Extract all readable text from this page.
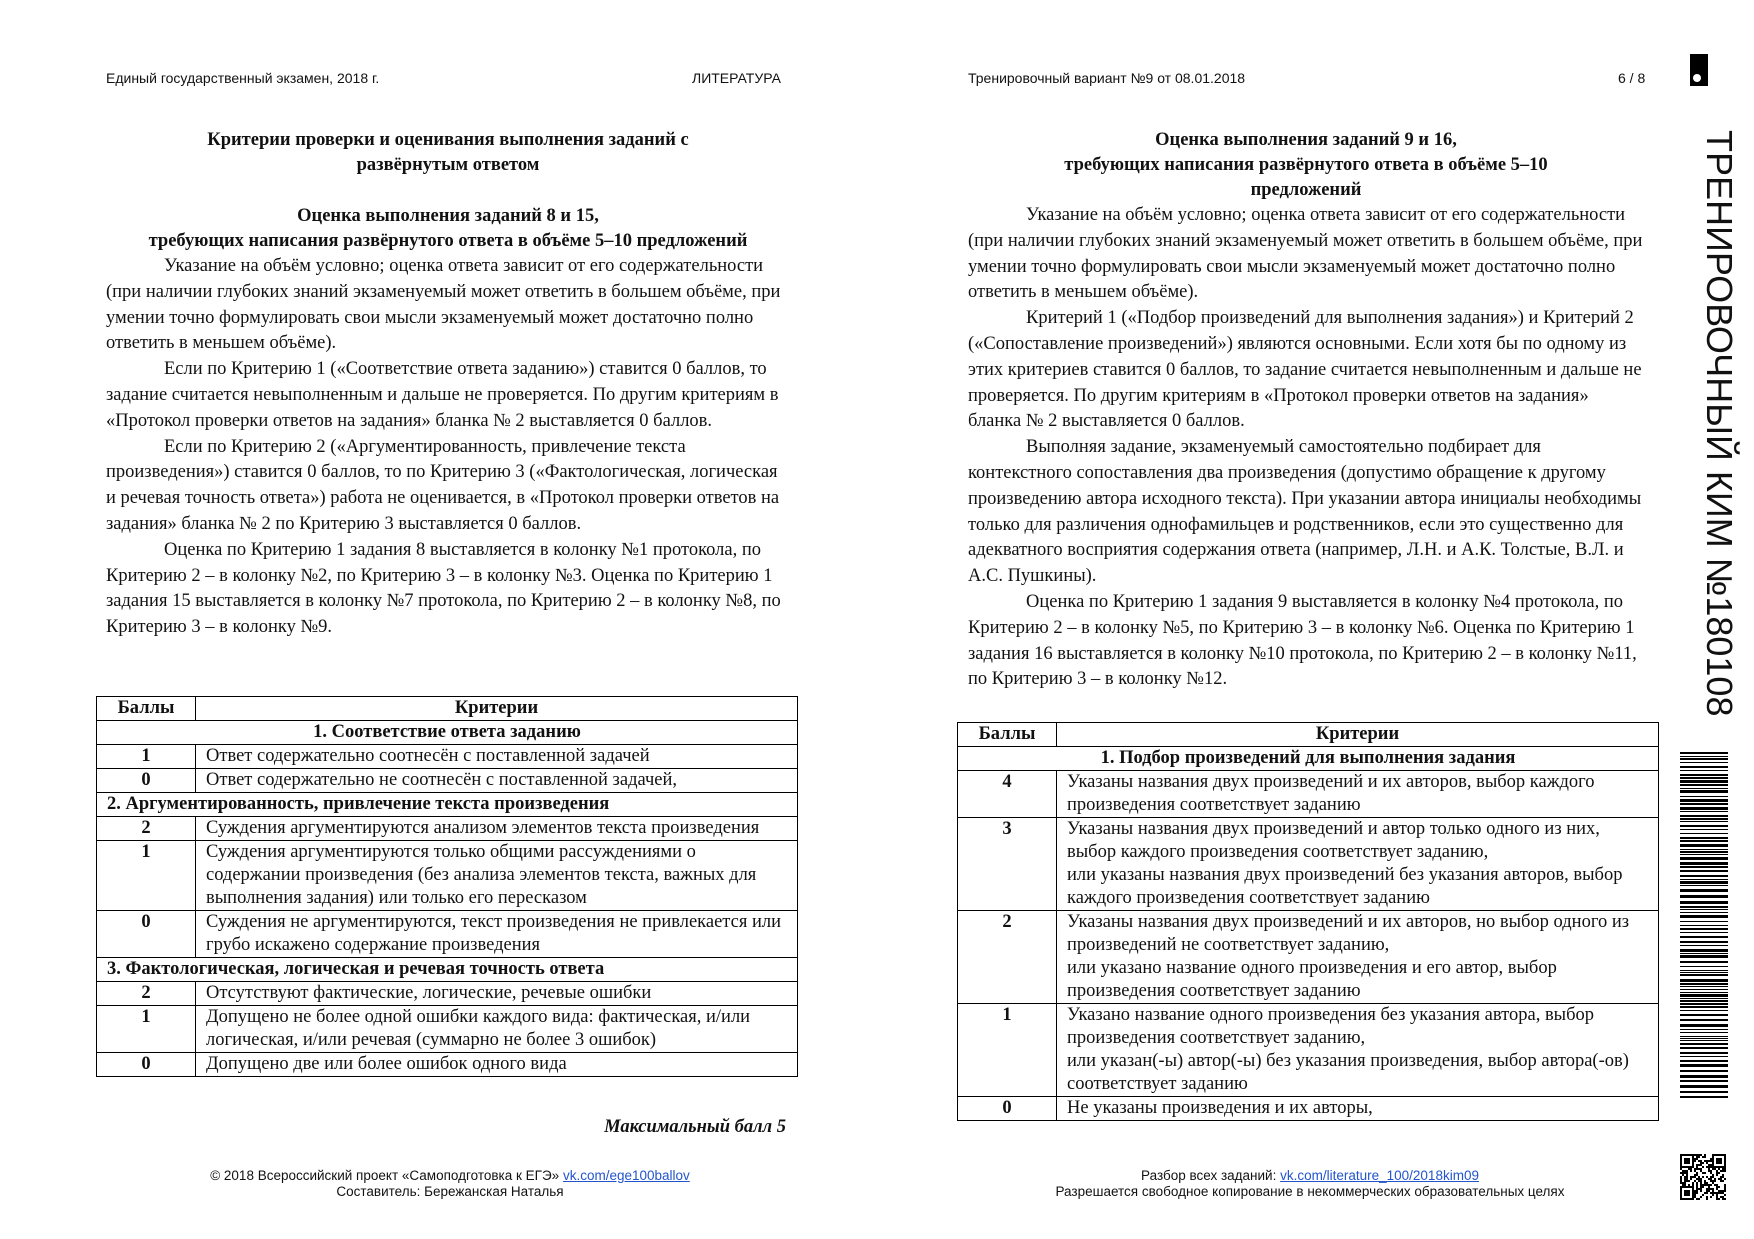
Единый государственный экзамен, 2018 г.	ЛИТЕРАТУРА	Тренировочный вариант №9 от 08.01.2018	6 / 8
Критерии проверки и оценивания выполнения заданий с
развёрнутым ответом
Оценка выполнения заданий 8 и 15,
требующих написания развёрнутого ответа в объёме 5–10 предложений

Указание на объём условно; оценка ответа зависит от его содержательности (при наличии глубоких знаний экзаменуемый может ответить в большем объёме, при умении точно формулировать свои мысли экзаменуемый может достаточно полно ответить в меньшем объёме).

Если по Критерию 1 («Соответствие ответа заданию») ставится 0 баллов, то задание считается невыполненным и дальше не проверяется. По другим критериям в «Протокол проверки ответов на задания» бланка № 2 выставляется 0 баллов.

Если по Критерию 2 («Аргументированность, привлечение текста произведения») ставится 0 баллов, то по Критерию 3 («Фактологическая, логическая и речевая точность ответа») работа не оценивается, в «Протокол проверки ответов на задания» бланка № 2 по Критерию 3 выставляется 0 баллов.

Оценка по Критерию 1 задания 8 выставляется в колонку №1 протокола, по Критерию 2 – в колонку №2, по Критерию 3 – в колонку №3. Оценка по Критерию 1 задания 15 выставляется в колонку №7 протокола, по Критерию 2 – в колонку №8, по Критерию 3 – в колонку №9.

Баллы	Критерии
1. Соответствие ответа заданию	
1	Ответ содержательно соотнесён с поставленной задачей
0	Ответ содержательно не соотнесён с поставленной задачей,
2. Аргументированность, привлечение текста произведения	
2	Суждения аргументируются анализом элементов текста произведения
1	Суждения аргументируются только общими рассуждениями о содержании произведения (без анализа элементов текста, важных для выполнения задания) или только его пересказом
0	Суждения не аргументируются, текст произведения не привлекается или грубо искажено содержание произведения
3. Фактологическая, логическая и речевая точность ответа	
2	Отсутствуют фактические, логические, речевые ошибки
1	Допущено не более одной ошибки каждого вида: фактическая, и/или логическая, и/или речевая (суммарно не более 3 ошибок)
0	Допущено две или более ошибок одного вида
Максимальный балл 5
© 2018 Всероссийский проект «Самоподготовка к ЕГЭ» vk.com/ege100ballov
Составитель: Бережанская Наталья
Оценка выполнения заданий 9 и 16,
требующих написания развёрнутого ответа в объёме 5–10
предложений

Указание на объём условно; оценка ответа зависит от его содержательности (при наличии глубоких знаний экзаменуемый может ответить в большем объёме, при умении точно формулировать свои мысли экзаменуемый может достаточно полно ответить в меньшем объёме).

Критерий 1 («Подбор произведений для выполнения задания») и Критерий 2 («Сопоставление произведений») являются основными. Если хотя бы по одному из этих критериев ставится 0 баллов, то задание считается невыполненным и дальше не проверяется. По другим критериям в «Протокол проверки ответов на задания» бланка № 2 выставляется 0 баллов.

Выполняя задание, экзаменуемый самостоятельно подбирает для контекстного сопоставления два произведения (допустимо обращение к другому произведению автора исходного текста). При указании автора инициалы необходимы только для различения однофамильцев и родственников, если это существенно для адекватного восприятия содержания ответа (например, Л.Н. и А.К. Толстые, В.Л. и А.С. Пушкины).

Оценка по Критерию 1 задания 9 выставляется в колонку №4 протокола, по Критерию 2 – в колонку №5, по Критерию 3 – в колонку №6. Оценка по Критерию 1 задания 16 выставляется в колонку №10 протокола, по Критерию 2 – в колонку №11, по Критерию 3 – в колонку №12.

Баллы	Критерии
1. Подбор произведений для выполнения задания	
4	Указаны названия двух произведений и их авторов, выбор каждого произведения соответствует заданию
3	Указаны названия двух произведений и автор только одного из них, выбор каждого произведения соответствует заданию,
или указаны названия двух произведений без указания авторов, выбор каждого произведения соответствует заданию

2	Указаны названия двух произведений и их авторов, но выбор одного из произведений не соответствует заданию,
или указано название одного произведения и его автор, выбор произведения соответствует заданию

1	Указано название одного произведения без указания автора, выбор произведения соответствует заданию,
или указан(-ы) автор(-ы) без указания произведения, выбор автора(-ов) соответствует заданию

0	Не указаны произведения и их авторы,
Разбор всех заданий: vk.com/literature_100/2018kim09
Разрешается свободное копирование в некоммерческих образовательных целях
ТРЕНИРОВОЧНЫЙ КИМ №180108
